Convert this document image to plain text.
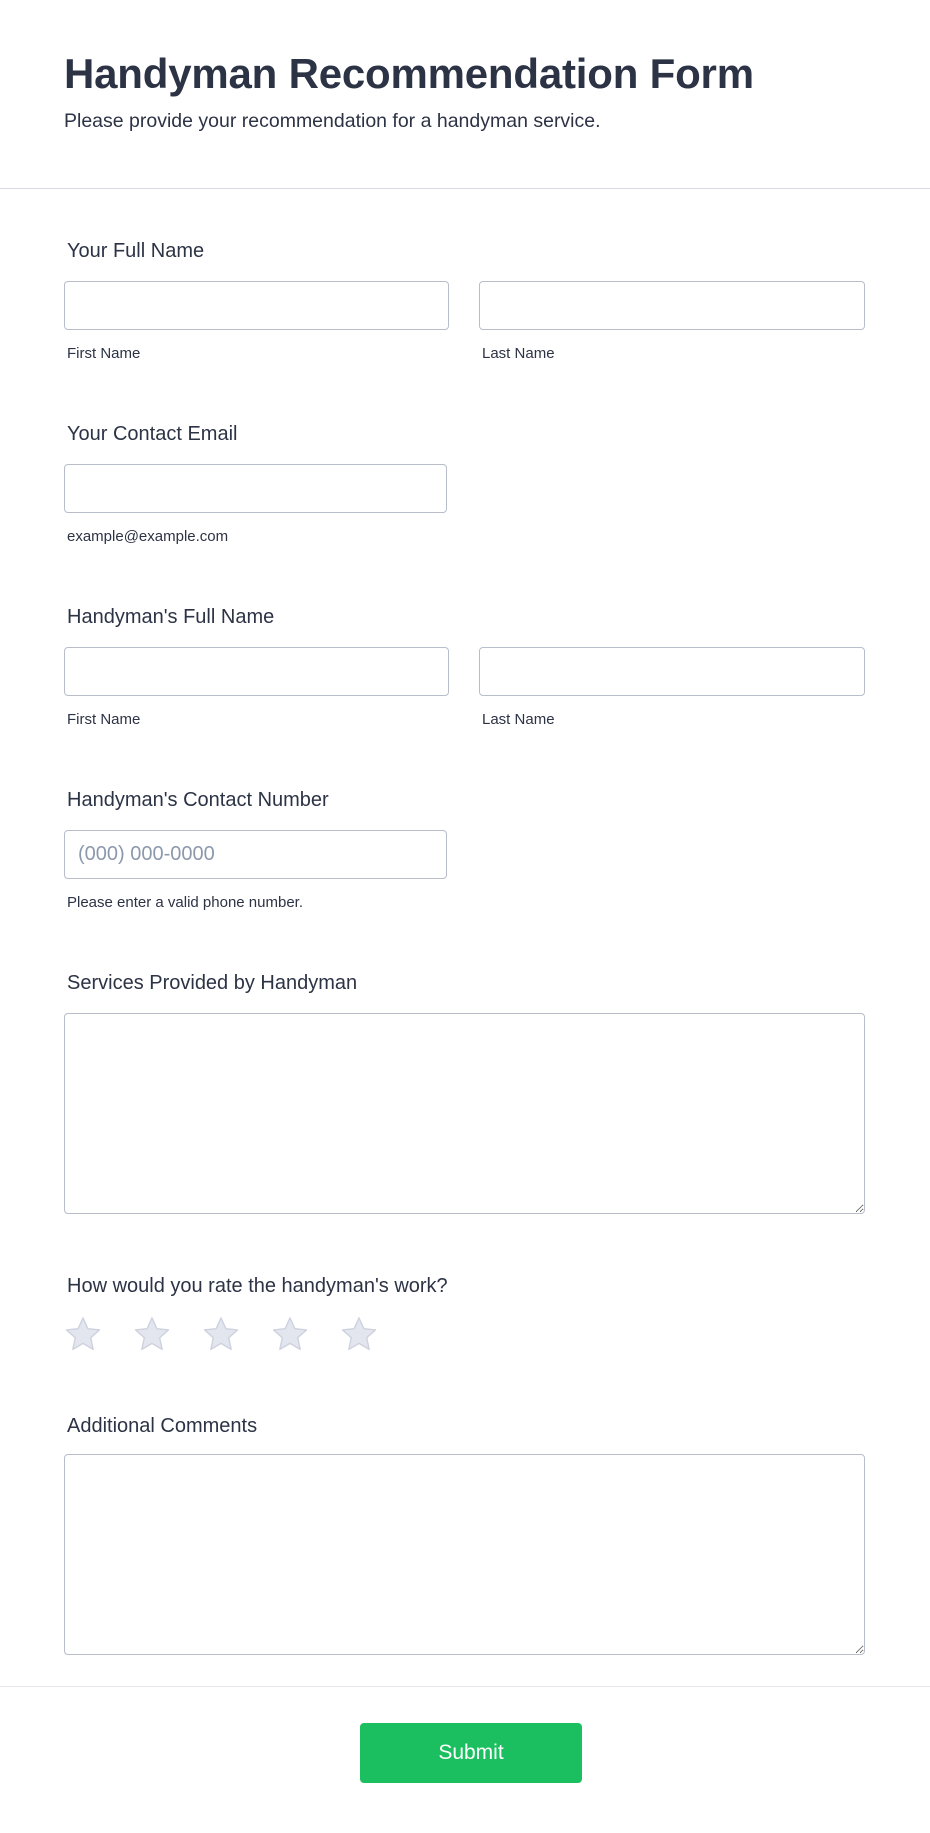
Handyman Recommendation Form

Please provide your recommendation for a handyman service.

Your Full Name
First Name	Last Name
Your Contact Email
example@example.com
Handyman's Full Name
First Name	Last Name
Handyman's Contact Number
(000) 000-0000
Please enter a valid phone number.
Services Provided by Handyman
How would you rate the handyman's work?
Additional Comments
Submit
